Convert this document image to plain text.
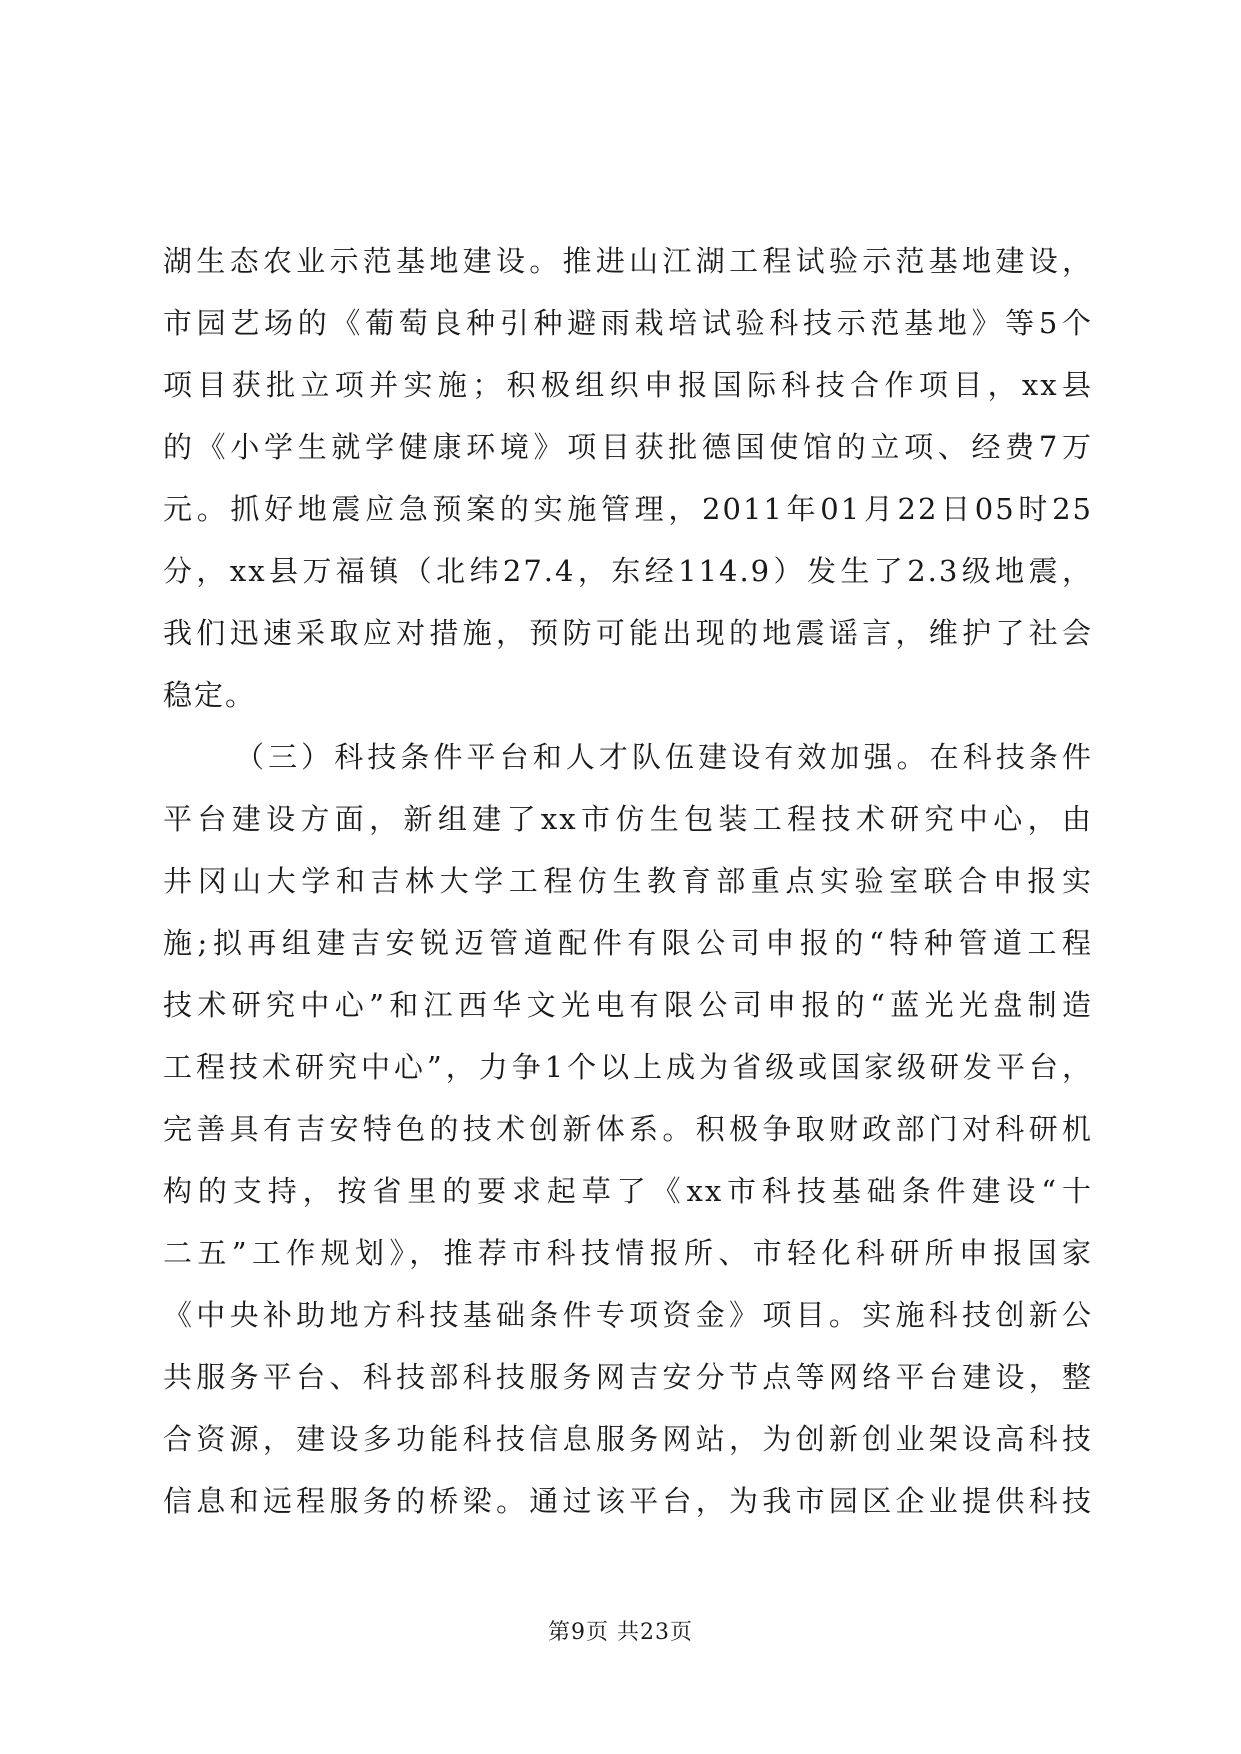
湖生态农业示范基地建设。推进山江湖工程试验示范基地建设，
市园艺场的《葡萄良种引种避雨栽培试验科技示范基地》等5个
项目获批立项并实施；积极组织申报国际科技合作项目，xx县
的《小学生就学健康环境》项目获批德国使馆的立项、经费7万
元。抓好地震应急预案的实施管理，2011年01月22日05时25
分，xx县万福镇（北纬27.4，东经114.9）发生了2.3级地震，
我们迅速采取应对措施，预防可能出现的地震谣言，维护了社会
稳定。
（三）科技条件平台和人才队伍建设有效加强。在科技条件
平台建设方面，新组建了xx市仿生包装工程技术研究中心，由
井冈山大学和吉林大学工程仿生教育部重点实验室联合申报实
施;拟再组建吉安锐迈管道配件有限公司申报的“特种管道工程
技术研究中心”和江西华文光电有限公司申报的“蓝光光盘制造
工程技术研究中心”，力争1个以上成为省级或国家级研发平台，
完善具有吉安特色的技术创新体系。积极争取财政部门对科研机
构的支持，按省里的要求起草了《xx市科技基础条件建设“十
二五”工作规划》，推荐市科技情报所、市轻化科研所申报国家
《中央补助地方科技基础条件专项资金》项目。实施科技创新公
共服务平台、科技部科技服务网吉安分节点等网络平台建设，整
合资源，建设多功能科技信息服务网站，为创新创业架设高科技
信息和远程服务的桥梁。通过该平台，为我市园区企业提供科技
第9页 共23页
